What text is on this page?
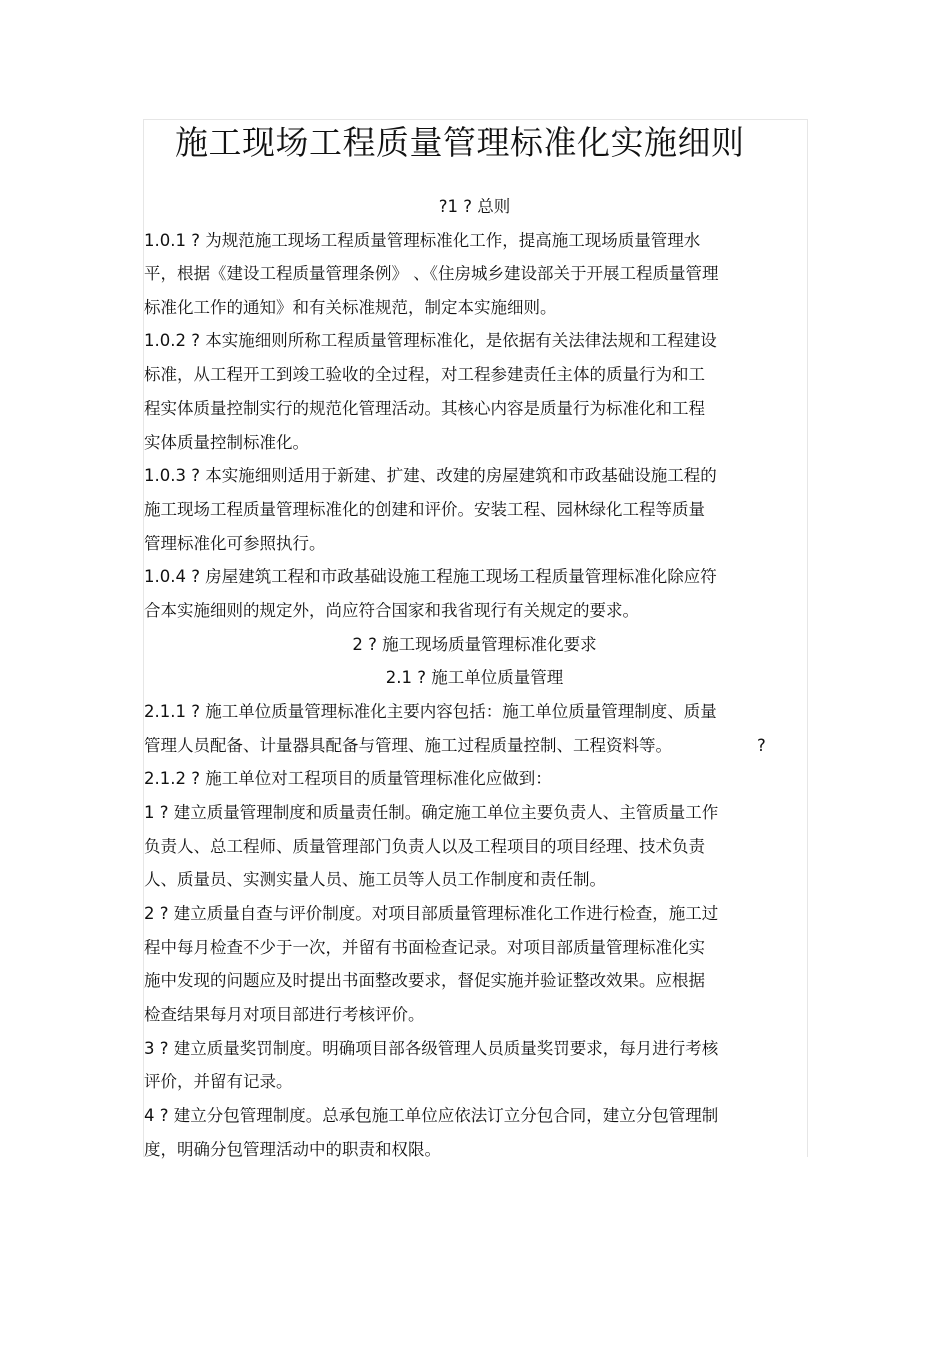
施工现场工程质量管理标准化实施细则
?1 ? 总则
1.0.1 ? 为规范施工现场工程质量管理标准化工作，提高施工现场质量管理水
平，根据《建设工程质量管理条例》 、《住房城乡建设部关于开展工程质量管理
标准化工作的通知》和有关标准规范，制定本实施细则。
1.0.2 ? 本实施细则所称工程质量管理标准化，是依据有关法律法规和工程建设
标准，从工程开工到竣工验收的全过程，对工程参建责任主体的质量行为和工
程实体质量控制实行的规范化管理活动。其核心内容是质量行为标准化和工程
实体质量控制标准化。
1.0.3 ? 本实施细则适用于新建、扩建、改建的房屋建筑和市政基础设施工程的
施工现场工程质量管理标准化的创建和评价。安装工程、园林绿化工程等质量
管理标准化可参照执行。
1.0.4 ? 房屋建筑工程和市政基础设施工程施工现场工程质量管理标准化除应符
合本实施细则的规定外，尚应符合国家和我省现行有关规定的要求。
2 ? 施工现场质量管理标准化要求
2.1 ? 施工单位质量管理
2.1.1 ? 施工单位质量管理标准化主要内容包括：施工单位质量管理制度、质量
管理人员配备、计量器具配备与管理、施工过程质量控制、工程资料等。	?
2.1.2 ? 施工单位对工程项目的质量管理标准化应做到：
1 ? 建立质量管理制度和质量责任制。确定施工单位主要负责人、主管质量工作
负责人、总工程师、质量管理部门负责人以及工程项目的项目经理、技术负责
人、质量员、实测实量人员、施工员等人员工作制度和责任制。
2 ? 建立质量自查与评价制度。对项目部质量管理标准化工作进行检查，施工过
程中每月检查不少于一次，并留有书面检查记录。对项目部质量管理标准化实
施中发现的问题应及时提出书面整改要求，督促实施并验证整改效果。应根据
检查结果每月对项目部进行考核评价。
3 ? 建立质量奖罚制度。明确项目部各级管理人员质量奖罚要求，每月进行考核
评价，并留有记录。
4 ? 建立分包管理制度。总承包施工单位应依法订立分包合同，建立分包管理制
度，明确分包管理活动中的职责和权限。
